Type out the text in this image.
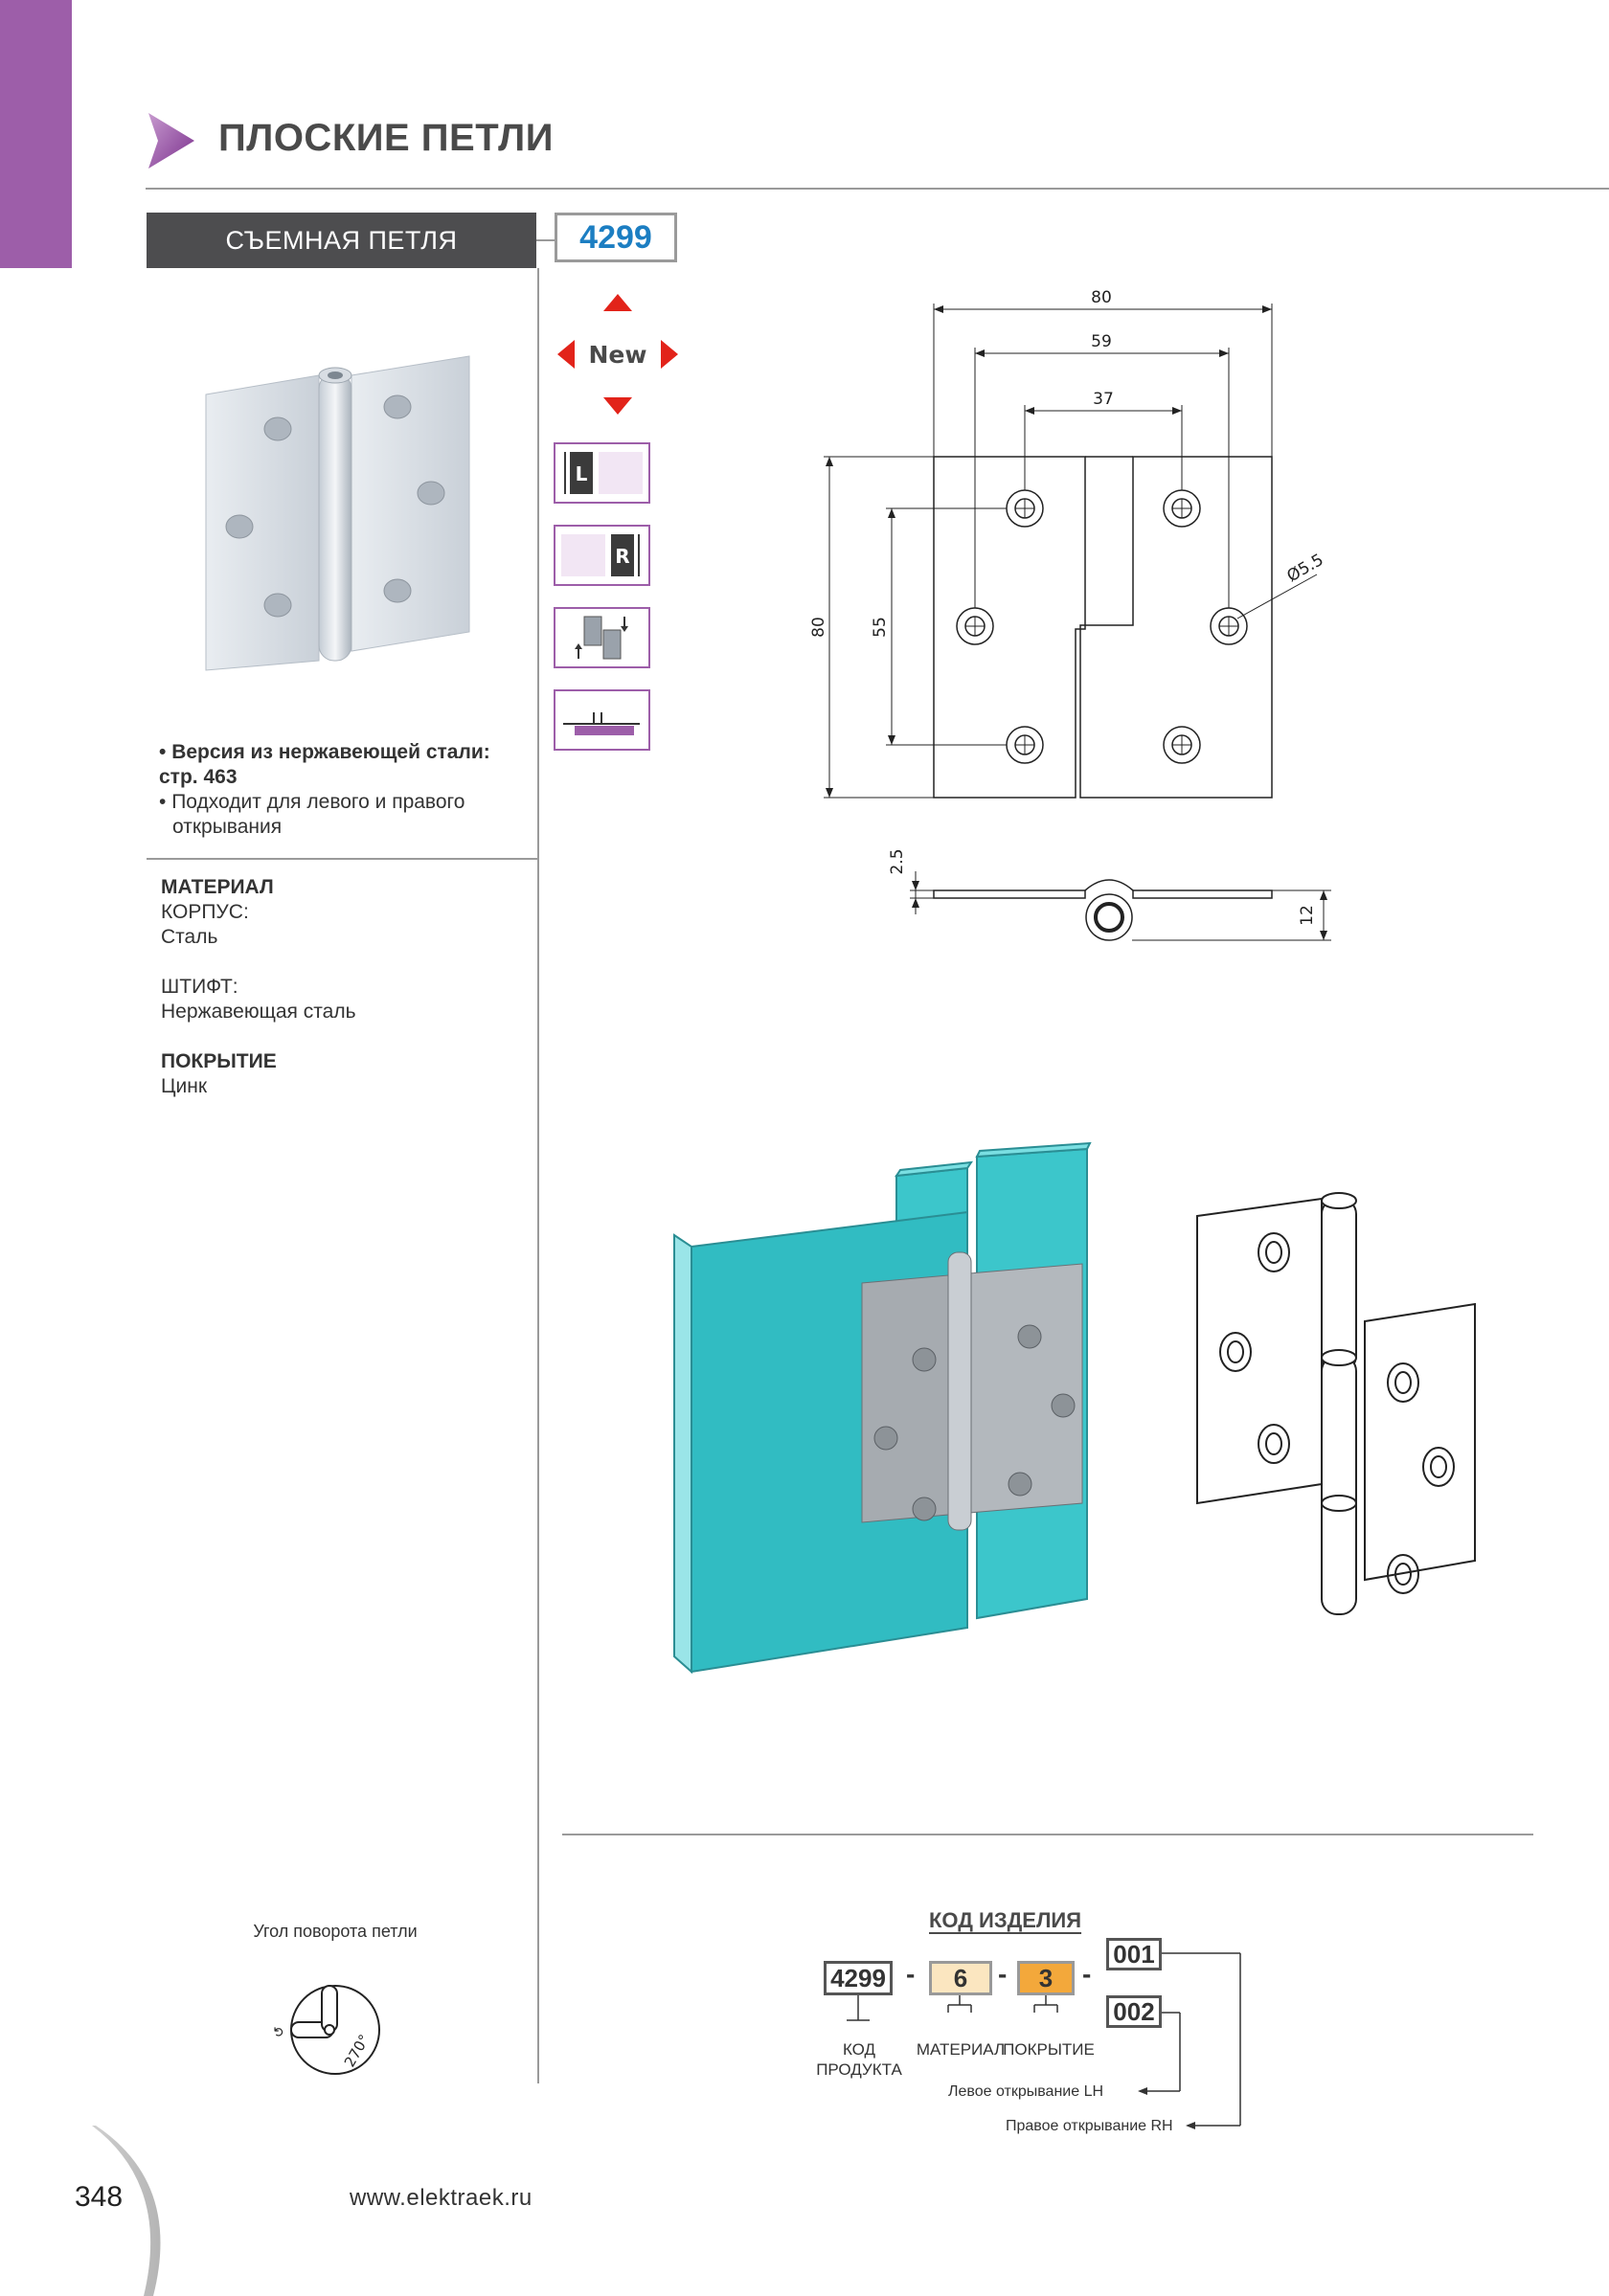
ПЛОСКИЕ ПЕТЛИ
СЪЕМНАЯ ПЕТЛЯ	4299
New
L
R
• Версия из нержавеющей стали:
стр. 463
• Подходит для левого и правого открывания
МАТЕРИАЛ
КОРПУС:
Сталь
ШТИФТ:
Нержавеющая сталь
ПОКРЫТИЕ
Цинк
80
59
37
80	55
Ø5.5
2.5
12
Угол поворота петли
↺	270°
КОД ИЗДЕЛИЯ
4299 -	6	-	3	-
001
002
КОД
ПРОДУКТА
МАТЕРИАЛ
ПОКРЫТИЕ
Левое открывание LH
Правое открывание RH
348	www.elektraek.ru
